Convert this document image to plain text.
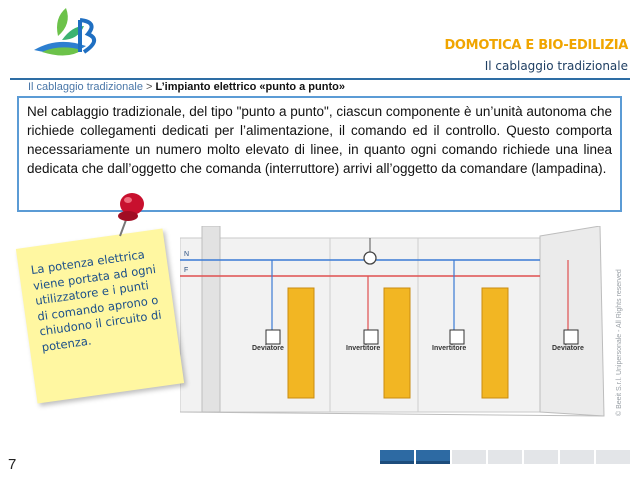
DOMOTICA E BIO-EDILIZIA
Il cablaggio tradizionale
Il cablaggio tradizionale > L’impianto elettrico «punto a punto»

Nel cablaggio tradizionale, del tipo "punto a punto", ciascun componente è un’unità autonoma che richiede collegamenti dedicati per l’alimentazione, il comando ed il controllo. Questo comporta necessariamente un numero molto elevato di linee, in quanto ogni comando richiede una linea dedicata che dall’oggetto che comanda (interruttore) arrivi all’oggetto da comandare (lampadina).

N
F
Deviatore	Invertitore	Invertitore	Deviatore

La potenza elettrica viene portata ad ogni utilizzatore e i punti di comando aprono o chiudono il circuito di potenza.	© Beeit S.r.l. Unipersonale - All Rights reserved
7
